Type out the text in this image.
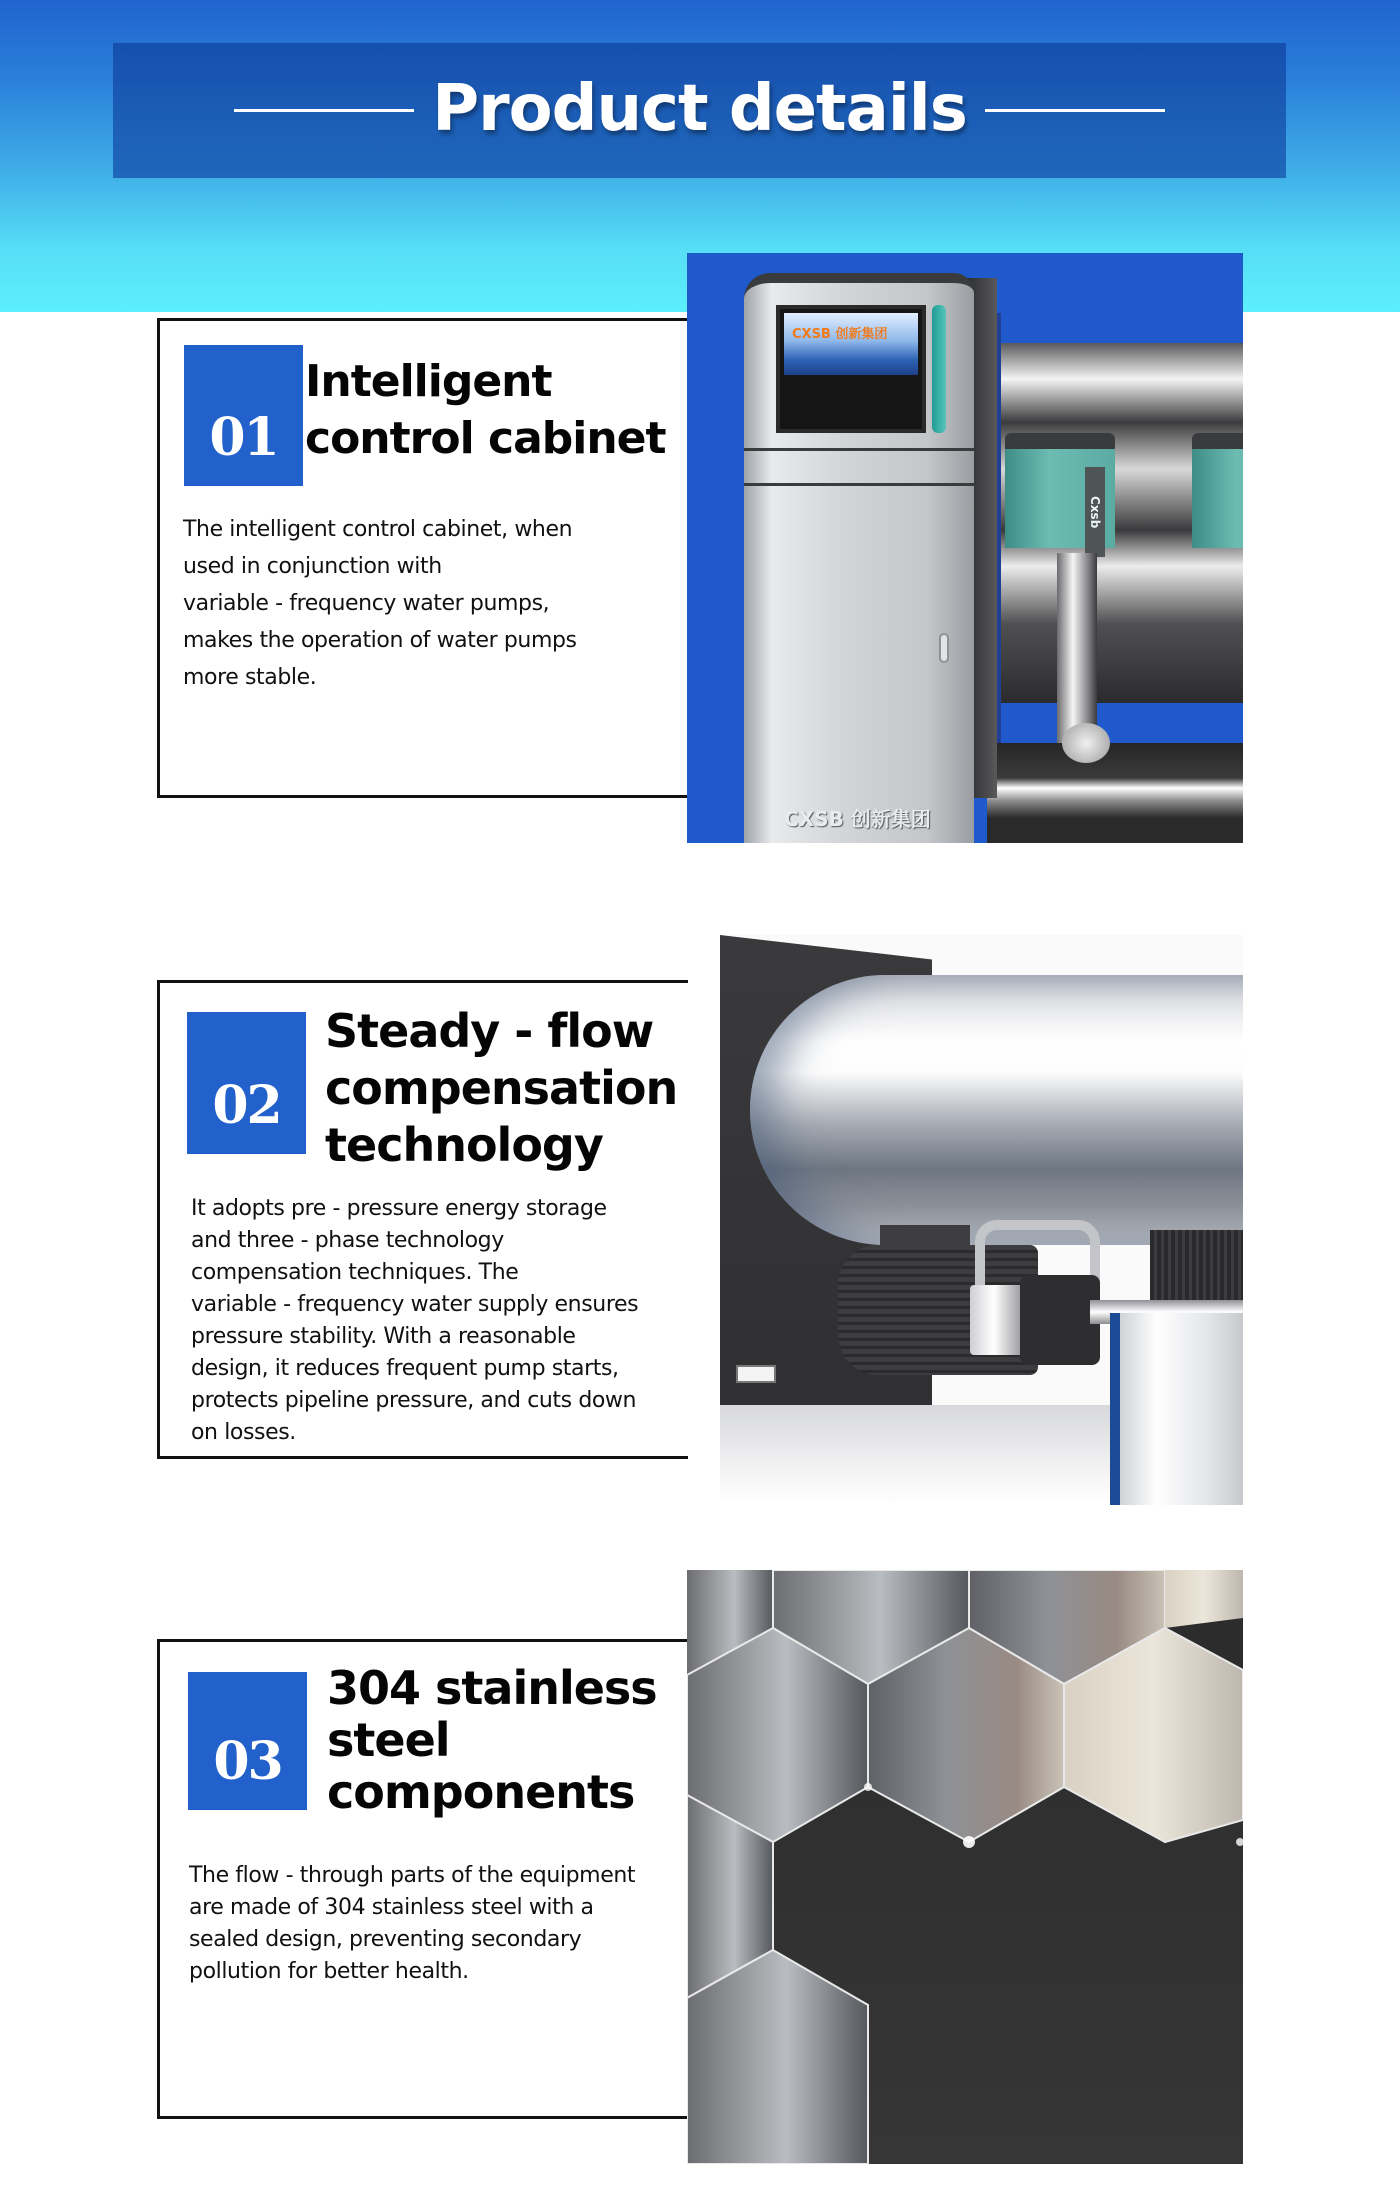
Product details
01
Intelligent
control cabinet
The intelligent control cabinet, when
used in conjunction with
variable - frequency water pumps,
makes the operation of water pumps
more stable.
Cxsb
CXSB 创新集团
CXSB 创新集团
02
Steady - flow
compensation
technology
It adopts pre - pressure energy storage
and three - phase technology
compensation techniques. The
variable - frequency water supply ensures
pressure stability. With a reasonable
design, it reduces frequent pump starts,
protects pipeline pressure, and cuts down
on losses.
03
304 stainless
steel
components
The flow - through parts of the equipment
are made of 304 stainless steel with a
sealed design, preventing secondary
pollution for better health.
